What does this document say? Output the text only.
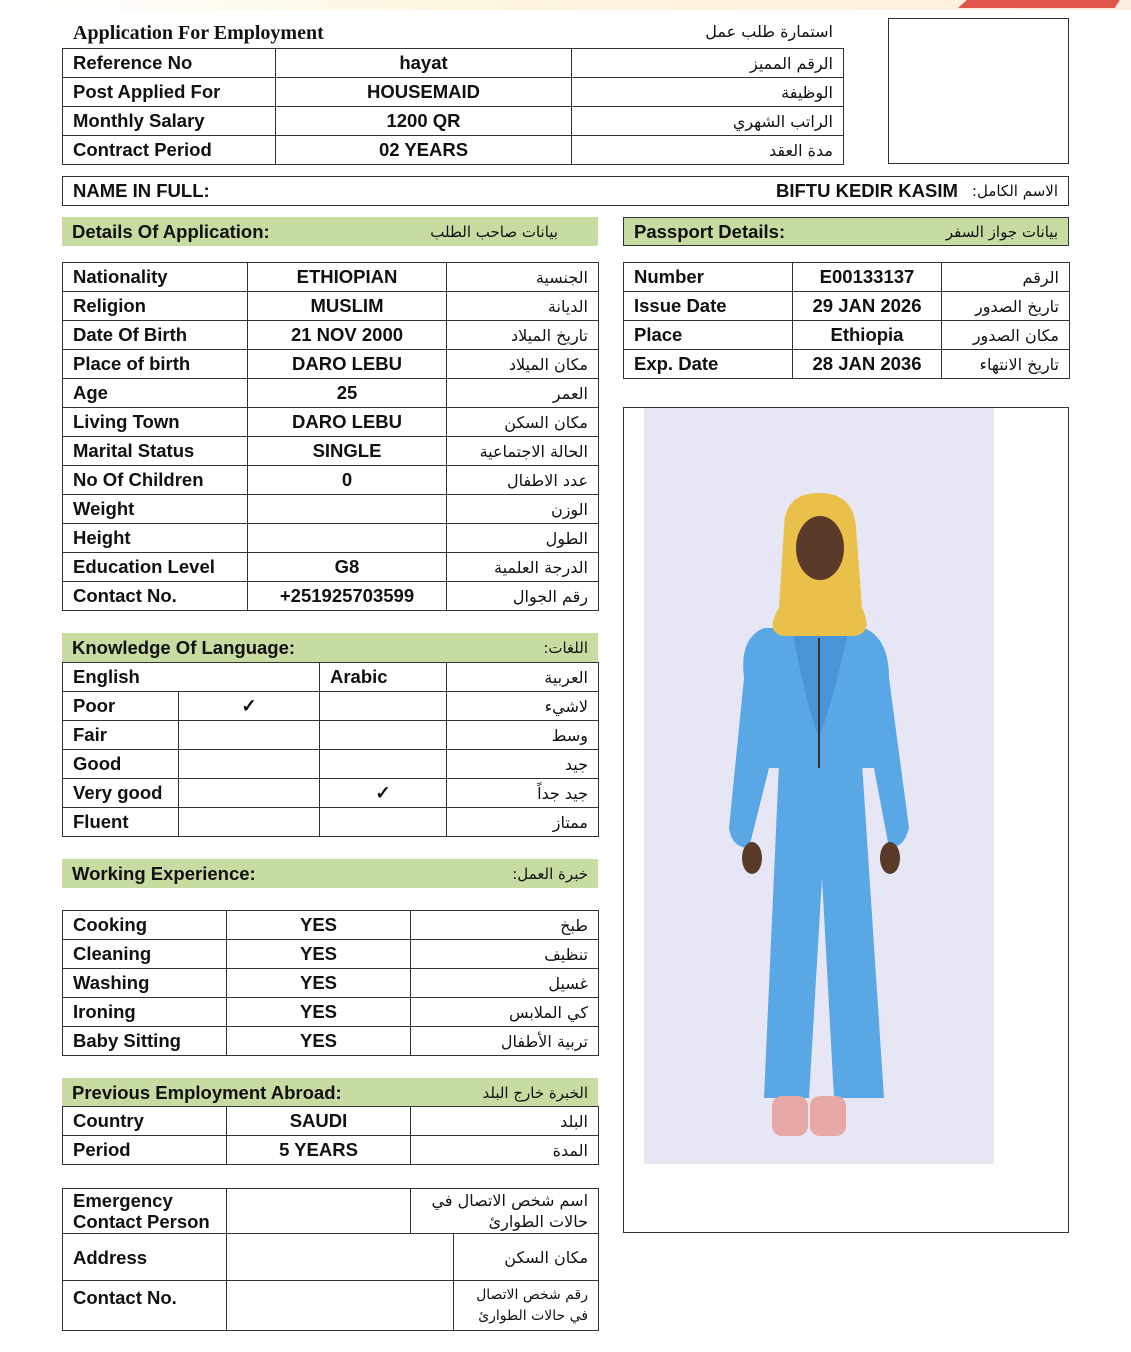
Application For Employment	استمارة طلب عمل
Reference No	hayat	الرقم المميز
Post Applied For	HOUSEMAID	الوظيفة
Monthly Salary	1200 QR	الراتب الشهري
Contract Period	02 YEARS	مدة العقد
NAME IN FULL:	BIFTU KEDIR KASIM الاسم الكامل:
Details Of Application:	بيانات صاحب الطلب	Passport Details:	بيانات جواز السفر
Nationality	ETHIOPIAN	الجنسية
Religion	MUSLIM	الديانة
Date Of Birth	21 NOV 2000	تاريخ الميلاد
Place of birth	DARO LEBU	مكان الميلاد
Age	25	العمر
Living Town	DARO LEBU	مكان السكن
Marital Status	SINGLE	الحالة الاجتماعية
No Of Children	0	عدد الاطفال
Weight		الوزن
Height		الطول
Education Level	G8	الدرجة العلمية
Contact No.	+251925703599	رقم الجوال
Number	E00133137	الرقم
Issue Date	29 JAN 2026	تاريخ الصدور
Place	Ethiopia	مكان الصدور
Exp. Date	28 JAN 2036	تاريخ الانتهاء
Knowledge Of Language:	اللغات:
English		Arabic	العربية
Poor	✓		لاشيء
Fair			وسط
Good			جيد
Very good		✓	جيد جداً
Fluent			ممتاز
Working Experience:	خبرة العمل:
Cooking	YES	طبخ
Cleaning	YES	تنظيف
Washing	YES	غسيل
Ironing	YES	كي الملابس
Baby Sitting	YES	تربية الأطفال
Previous Employment Abroad:	الخبرة خارج البلد
Country	SAUDI	البلد
Period	5 YEARS	المدة
Emergency Contact Person		اسم شخص الاتصال في حالات الطوارئ	
Address			مكان السكن
Contact No.			رقم شخص الاتصال في حالات الطوارئ
